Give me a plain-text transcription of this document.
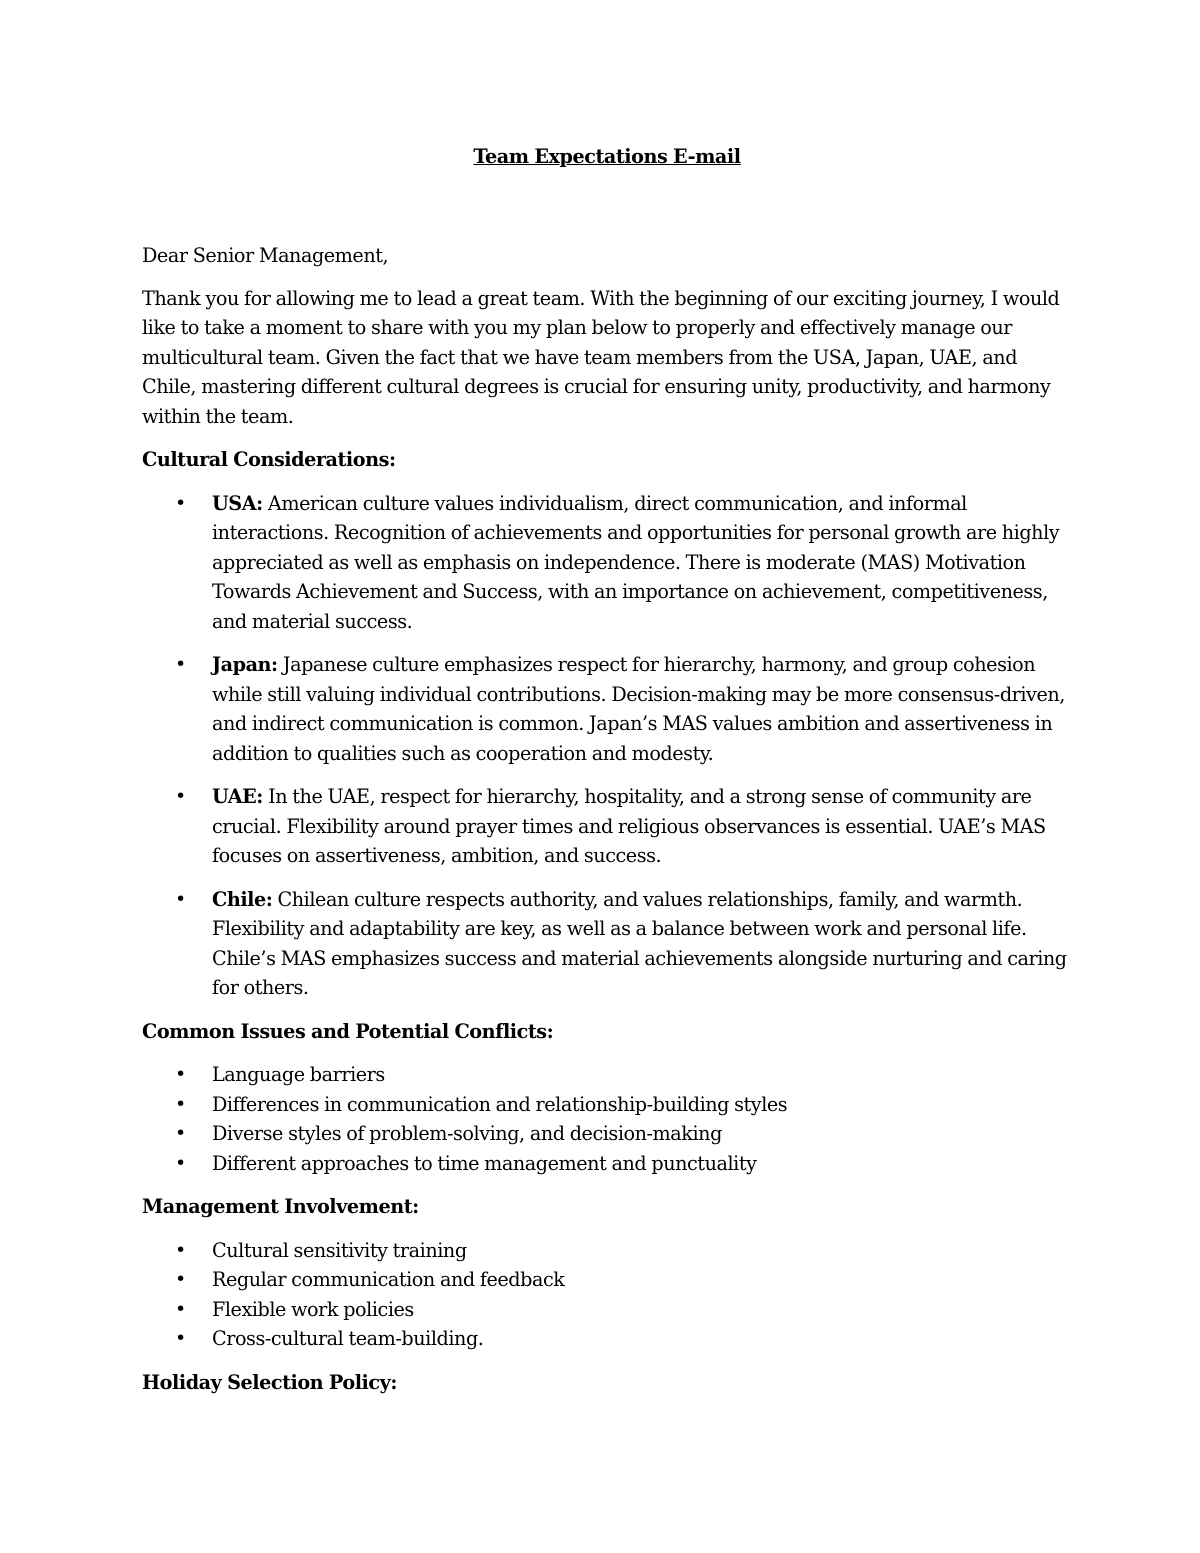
Team Expectations E-mail

Dear Senior Management,

Thank you for allowing me to lead a great team. With the beginning of our exciting journey, I would like to take a moment to share with you my plan below to properly and effectively manage our multicultural team. Given the fact that we have team members from the USA, Japan, UAE, and Chile, mastering different cultural degrees is crucial for ensuring unity, productivity, and harmony within the team.

Cultural Considerations:

• USA: American culture values individualism, direct communication, and informal interactions. Recognition of achievements and opportunities for personal growth are highly appreciated as well as emphasis on independence. There is moderate (MAS) Motivation Towards Achievement and Success, with an importance on achievement, competitiveness, and material success.
• Japan: Japanese culture emphasizes respect for hierarchy, harmony, and group cohesion while still valuing individual contributions. Decision-making may be more consensus-driven, and indirect communication is common. Japan’s MAS values ambition and assertiveness in addition to qualities such as cooperation and modesty.
• UAE: In the UAE, respect for hierarchy, hospitality, and a strong sense of community are crucial. Flexibility around prayer times and religious observances is essential. UAE’s MAS focuses on assertiveness, ambition, and success.
• Chile: Chilean culture respects authority, and values relationships, family, and warmth. Flexibility and adaptability are key, as well as a balance between work and personal life. Chile’s MAS emphasizes success and material achievements alongside nurturing and caring for others.

Common Issues and Potential Conflicts:

• Language barriers
• Differences in communication and relationship-building styles
• Diverse styles of problem-solving, and decision-making
• Different approaches to time management and punctuality

Management Involvement:

• Cultural sensitivity training
• Regular communication and feedback
• Flexible work policies
• Cross-cultural team-building.

Holiday Selection Policy:
